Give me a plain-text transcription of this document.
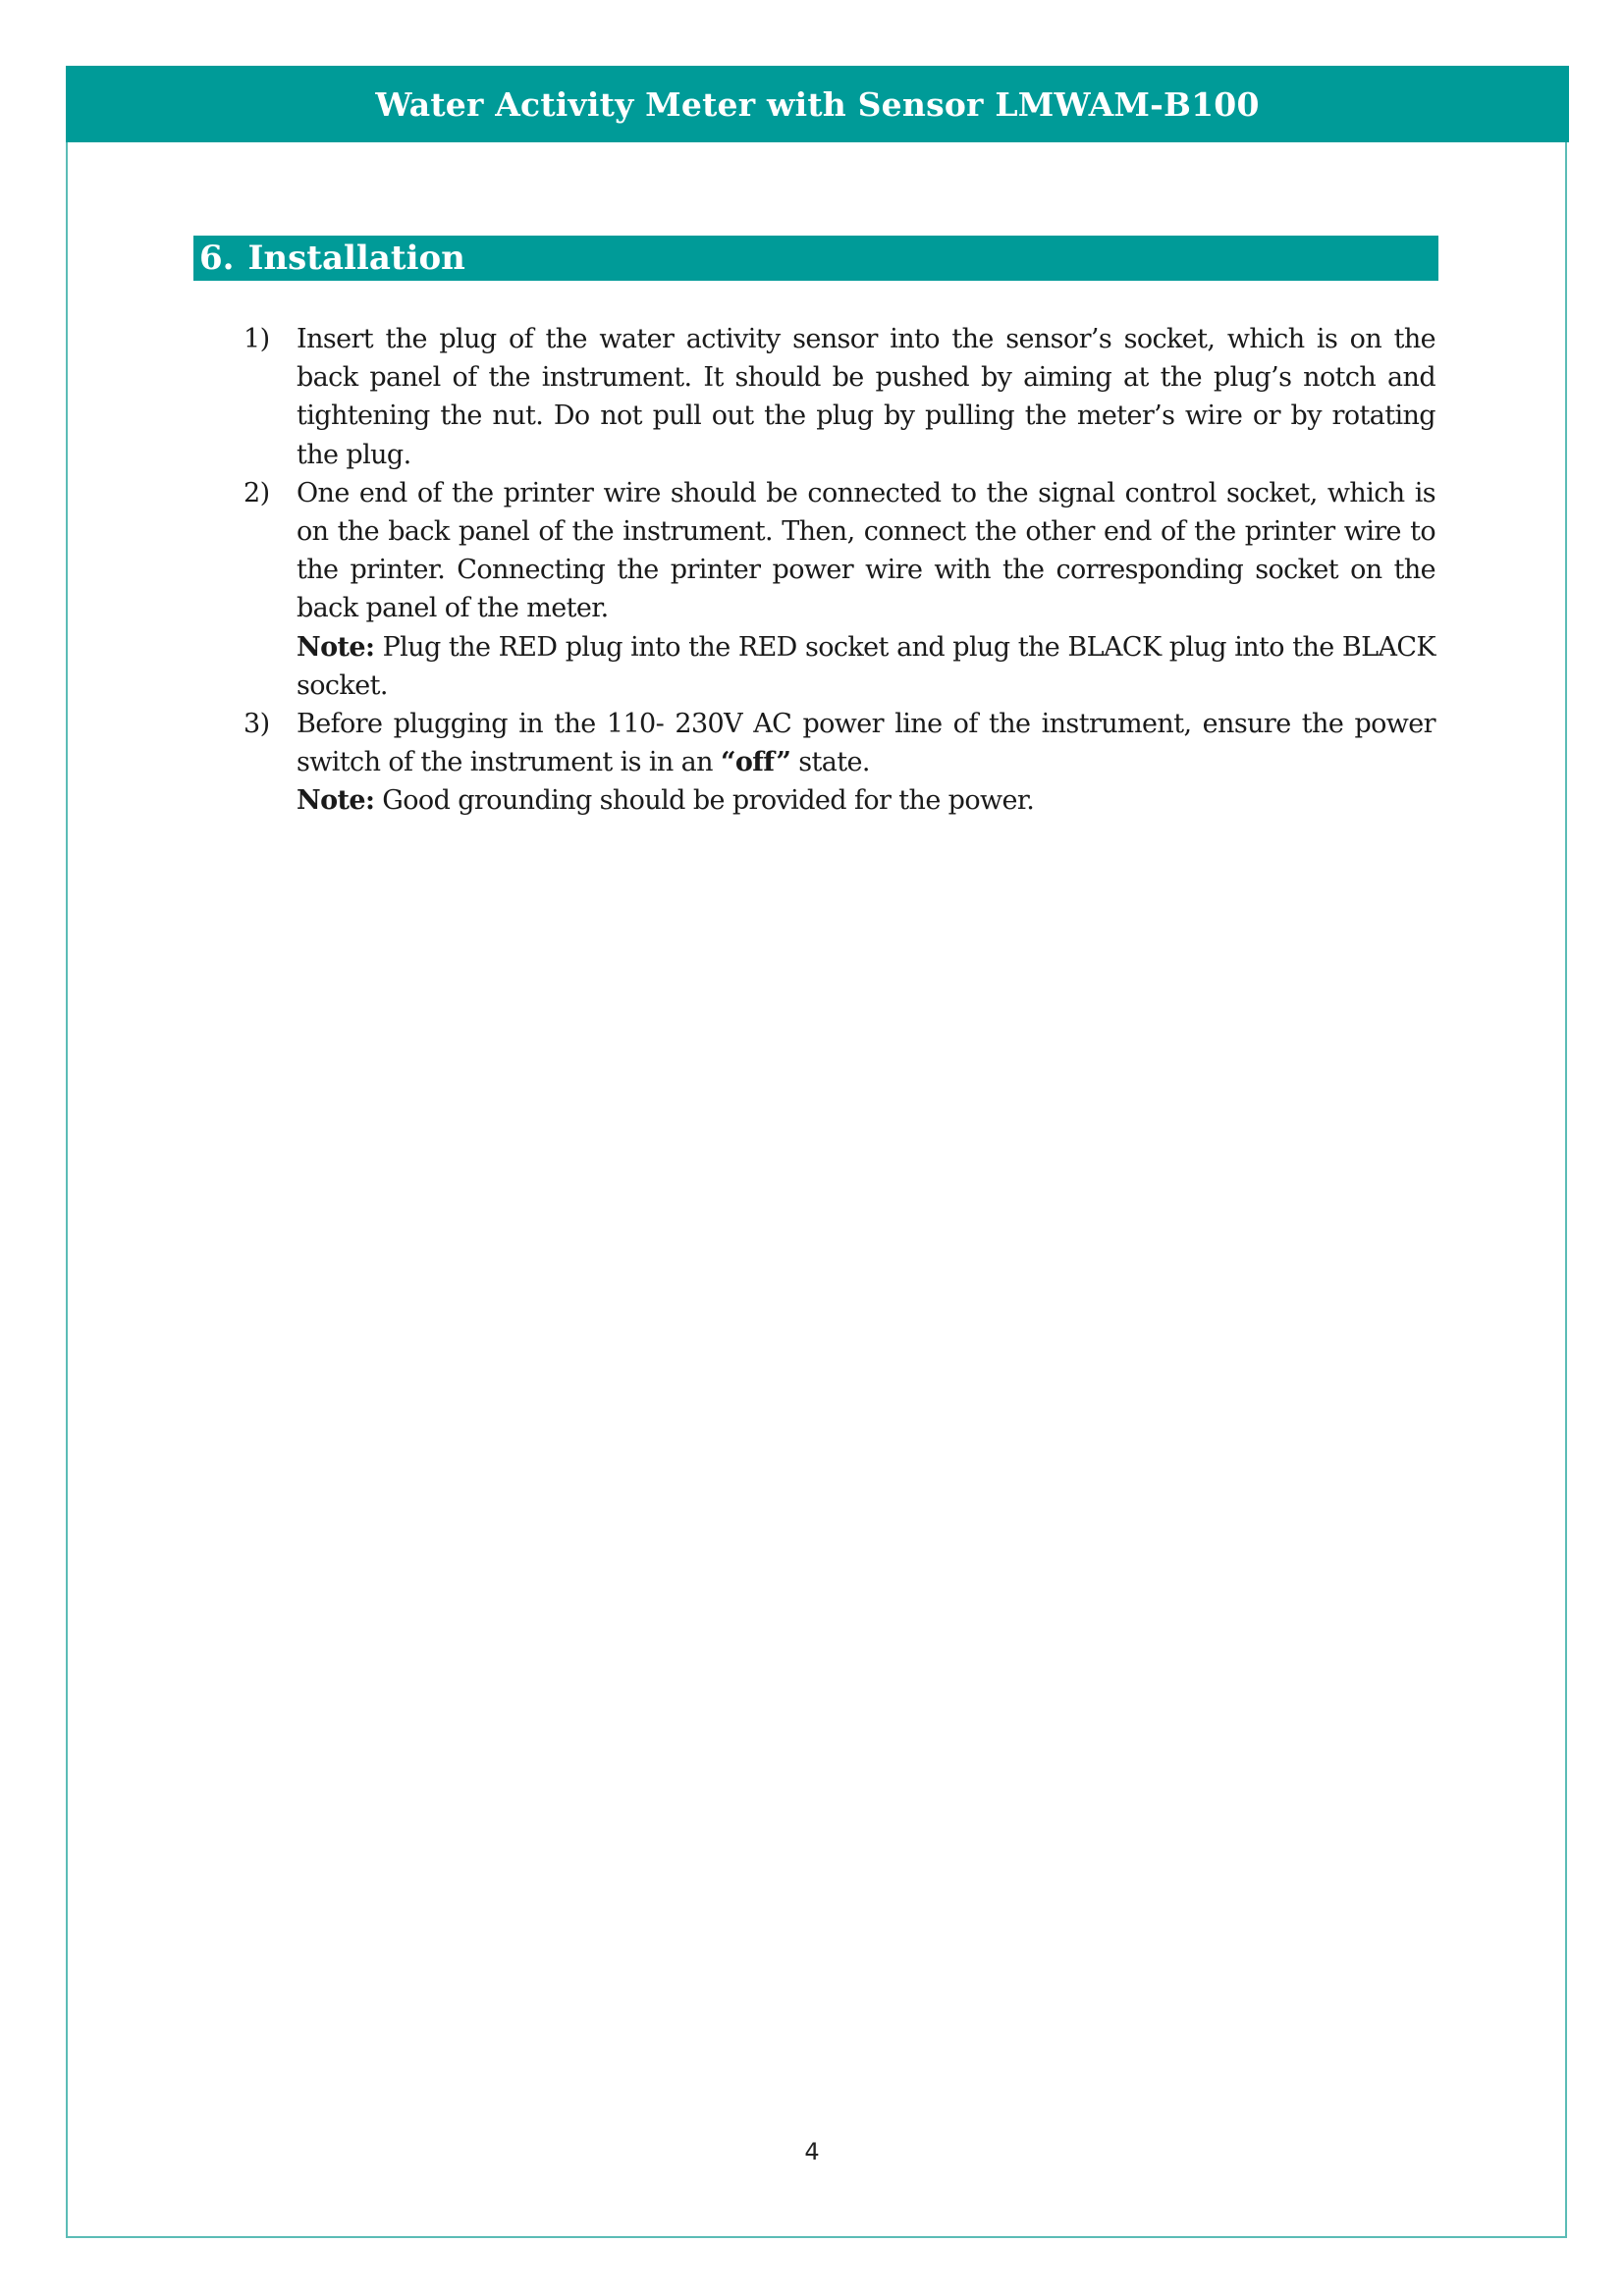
Water Activity Meter with Sensor LMWAM-B100
6. Installation
1)	Insert the plug of the water activity sensor into the sensor’s socket, which is on the back panel of the instrument. It should be pushed by aiming at the plug’s notch and tightening the nut. Do not pull out the plug by pulling the meter’s wire or by rotating the plug.

2)	One end of the printer wire should be connected to the signal control socket, which is on the back panel of the instrument. Then, connect the other end of the printer wire to the printer. Connecting the printer power wire with the corresponding socket on the back panel of the meter.

Note: Plug the RED plug into the RED socket and plug the BLACK plug into the BLACK socket.

3)	Before plugging in the 110- 230V AC power line of the instrument, ensure the power switch of the instrument is in an “off” state.

Note: Good grounding should be provided for the power.

4
